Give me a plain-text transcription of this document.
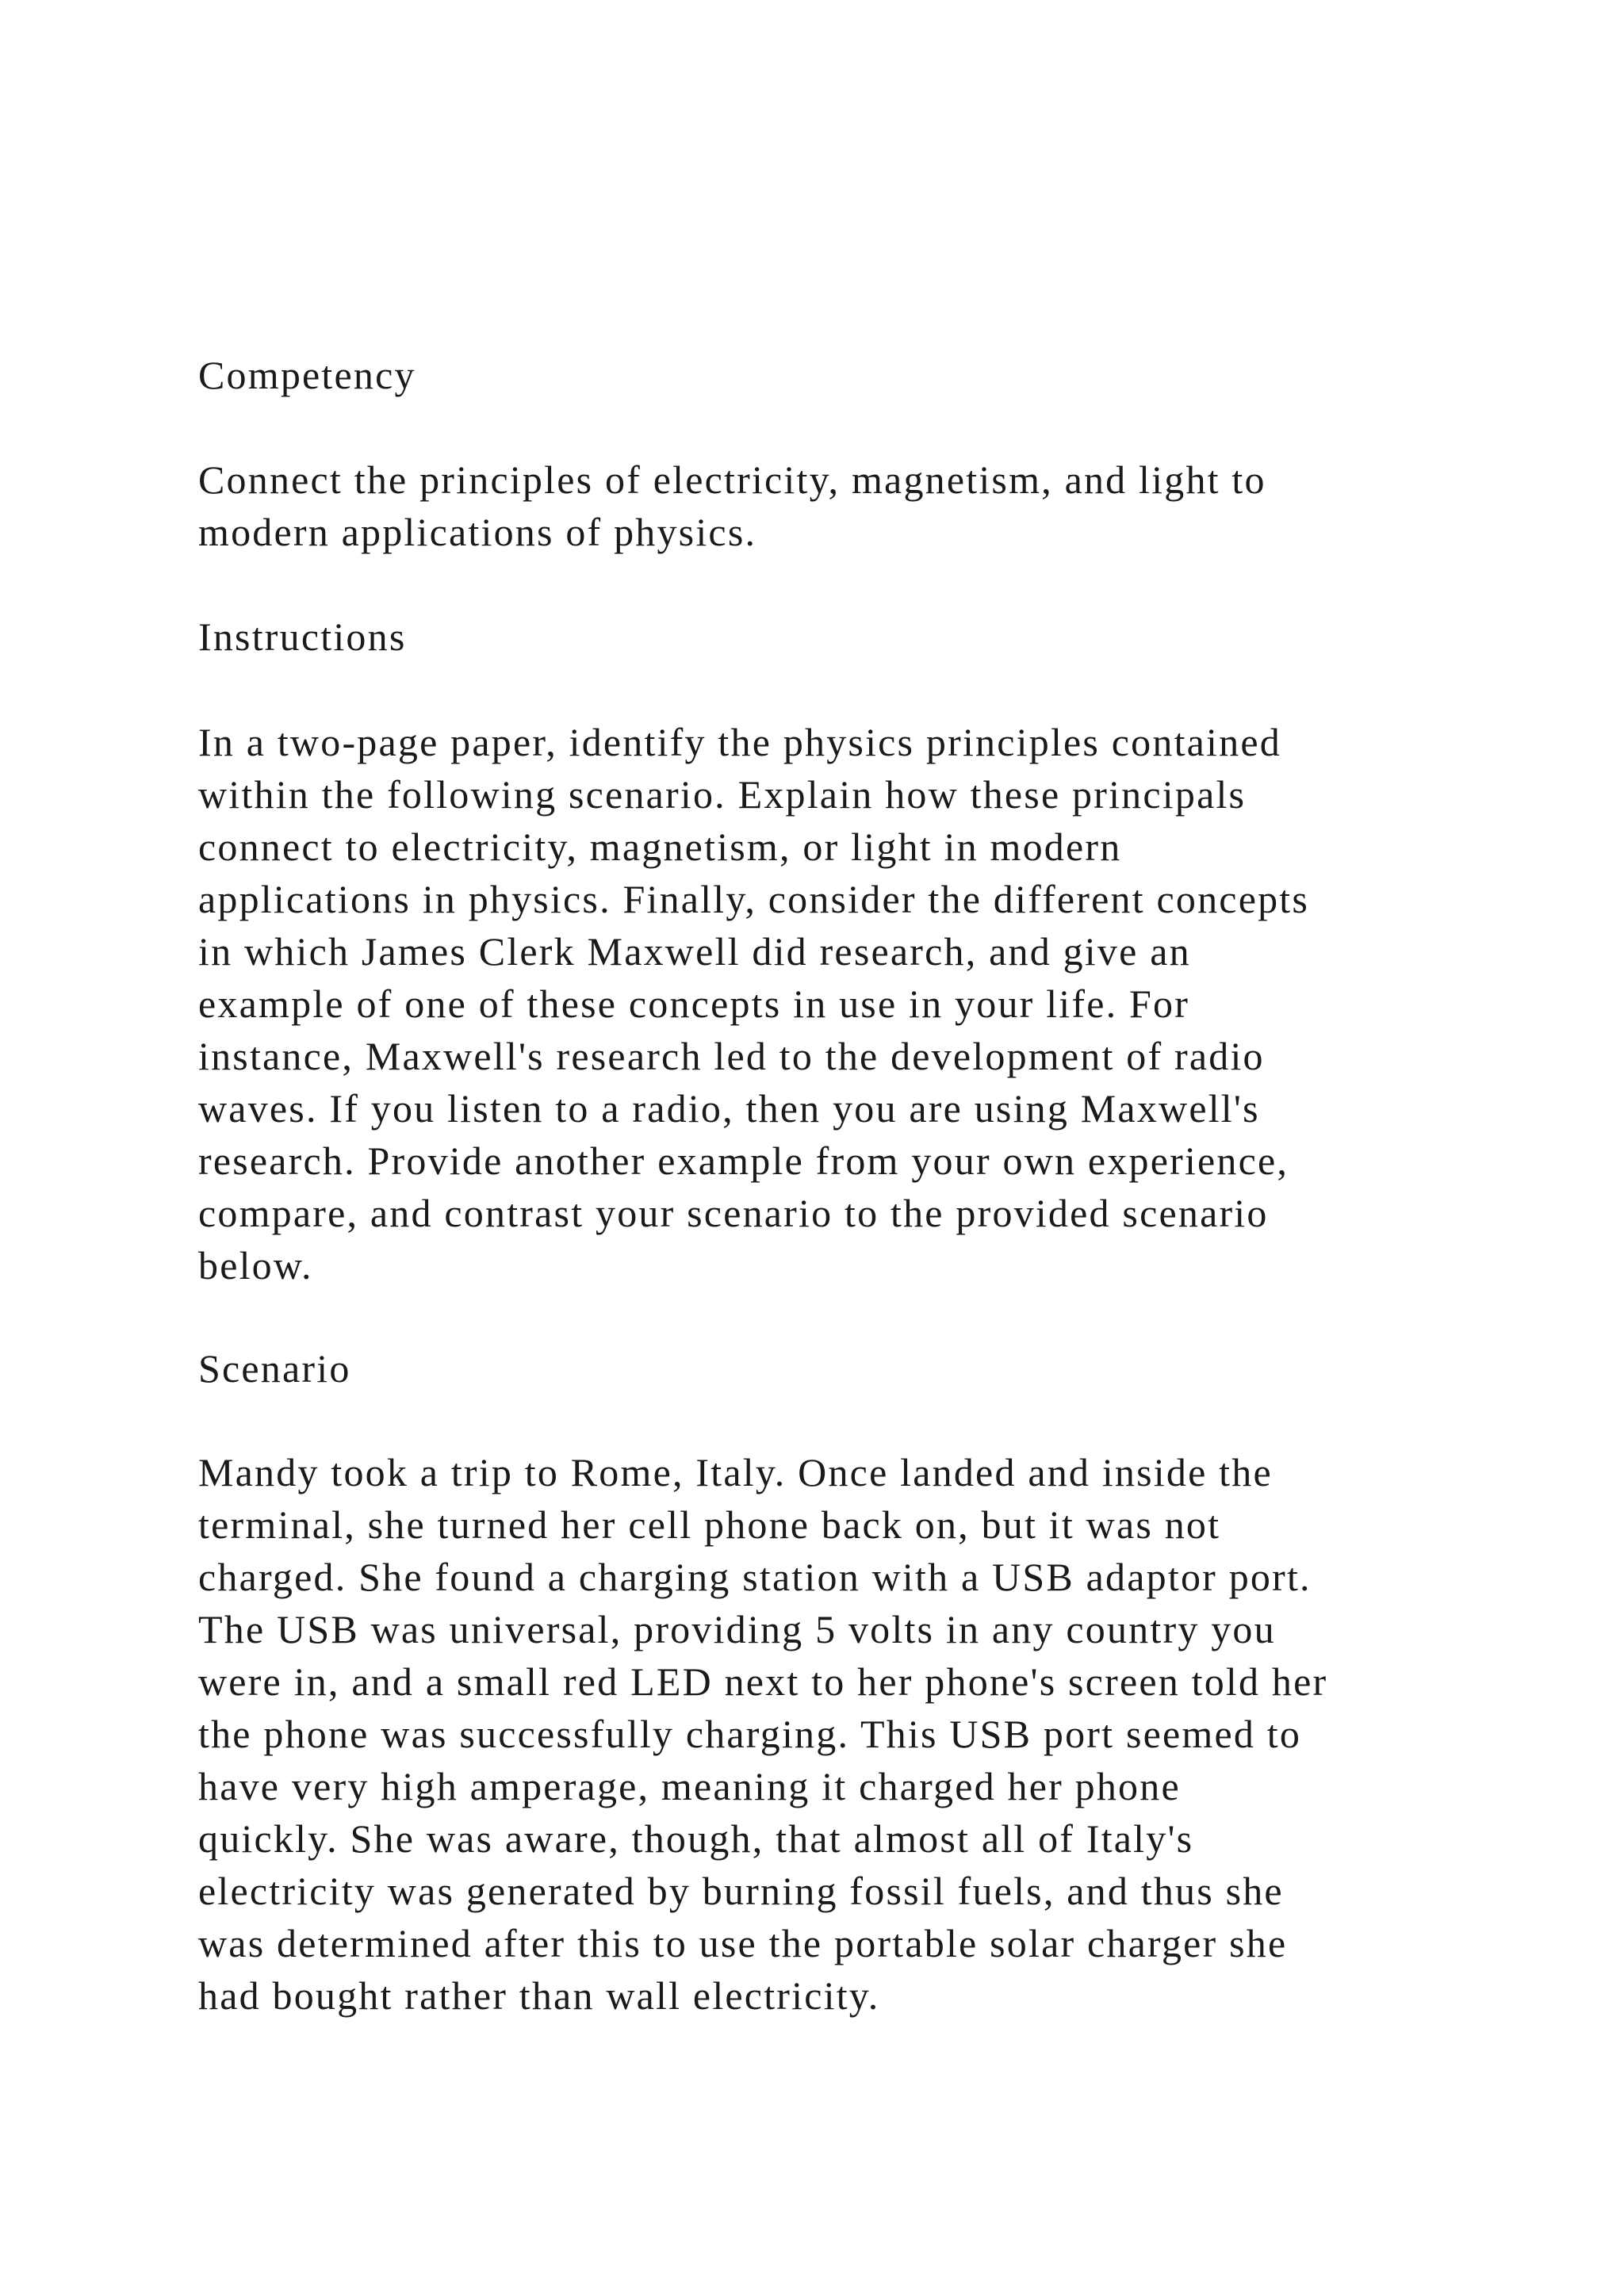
Competency

Connect the principles of electricity, magnetism, and light to
modern applications of physics.

Instructions

In a two-page paper, identify the physics principles contained
within the following scenario. Explain how these principals
connect to electricity, magnetism, or light in modern
applications in physics. Finally, consider the different concepts
in which James Clerk Maxwell did research, and give an
example of one of these concepts in use in your life. For
instance, Maxwell's research led to the development of radio
waves. If you listen to a radio, then you are using Maxwell's
research. Provide another example from your own experience,
compare, and contrast your scenario to the provided scenario
below.

Scenario

Mandy took a trip to Rome, Italy. Once landed and inside the
terminal, she turned her cell phone back on, but it was not
charged. She found a charging station with a USB adaptor port.
The USB was universal, providing 5 volts in any country you
were in, and a small red LED next to her phone's screen told her
the phone was successfully charging. This USB port seemed to
have very high amperage, meaning it charged her phone
quickly. She was aware, though, that almost all of Italy's
electricity was generated by burning fossil fuels, and thus she
was determined after this to use the portable solar charger she
had bought rather than wall electricity.
